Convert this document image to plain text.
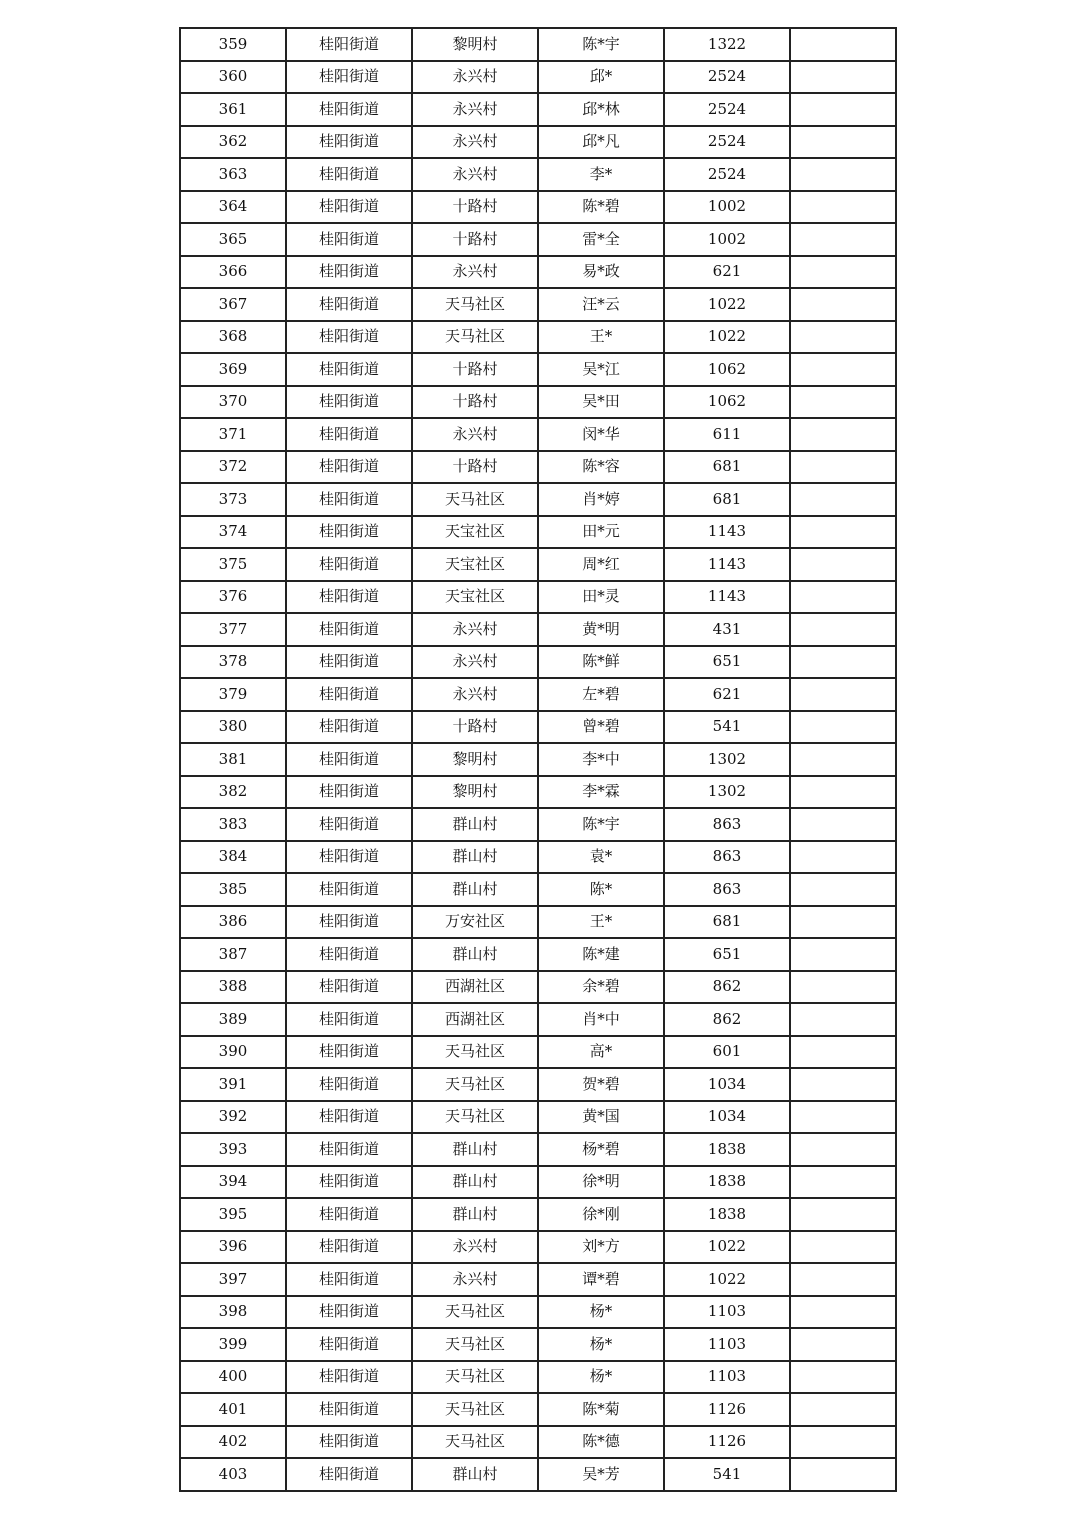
359	桂阳街道	黎明村	陈*宇	1322	
360	桂阳街道	永兴村	邱*	2524	
361	桂阳街道	永兴村	邱*林	2524	
362	桂阳街道	永兴村	邱*凡	2524	
363	桂阳街道	永兴村	李*	2524	
364	桂阳街道	十路村	陈*碧	1002	
365	桂阳街道	十路村	雷*全	1002	
366	桂阳街道	永兴村	易*政	621	
367	桂阳街道	天马社区	汪*云	1022	
368	桂阳街道	天马社区	王*	1022	
369	桂阳街道	十路村	吴*江	1062	
370	桂阳街道	十路村	吴*田	1062	
371	桂阳街道	永兴村	闵*华	611	
372	桂阳街道	十路村	陈*容	681	
373	桂阳街道	天马社区	肖*婷	681	
374	桂阳街道	天宝社区	田*元	1143	
375	桂阳街道	天宝社区	周*红	1143	
376	桂阳街道	天宝社区	田*灵	1143	
377	桂阳街道	永兴村	黄*明	431	
378	桂阳街道	永兴村	陈*鲜	651	
379	桂阳街道	永兴村	左*碧	621	
380	桂阳街道	十路村	曾*碧	541	
381	桂阳街道	黎明村	李*中	1302	
382	桂阳街道	黎明村	李*霖	1302	
383	桂阳街道	群山村	陈*宇	863	
384	桂阳街道	群山村	袁*	863	
385	桂阳街道	群山村	陈*	863	
386	桂阳街道	万安社区	王*	681	
387	桂阳街道	群山村	陈*建	651	
388	桂阳街道	西湖社区	余*碧	862	
389	桂阳街道	西湖社区	肖*中	862	
390	桂阳街道	天马社区	高*	601	
391	桂阳街道	天马社区	贺*碧	1034	
392	桂阳街道	天马社区	黄*国	1034	
393	桂阳街道	群山村	杨*碧	1838	
394	桂阳街道	群山村	徐*明	1838	
395	桂阳街道	群山村	徐*刚	1838	
396	桂阳街道	永兴村	刘*方	1022	
397	桂阳街道	永兴村	谭*碧	1022	
398	桂阳街道	天马社区	杨*	1103	
399	桂阳街道	天马社区	杨*	1103	
400	桂阳街道	天马社区	杨*	1103	
401	桂阳街道	天马社区	陈*菊	1126	
402	桂阳街道	天马社区	陈*德	1126	
403	桂阳街道	群山村	吴*芳	541	
